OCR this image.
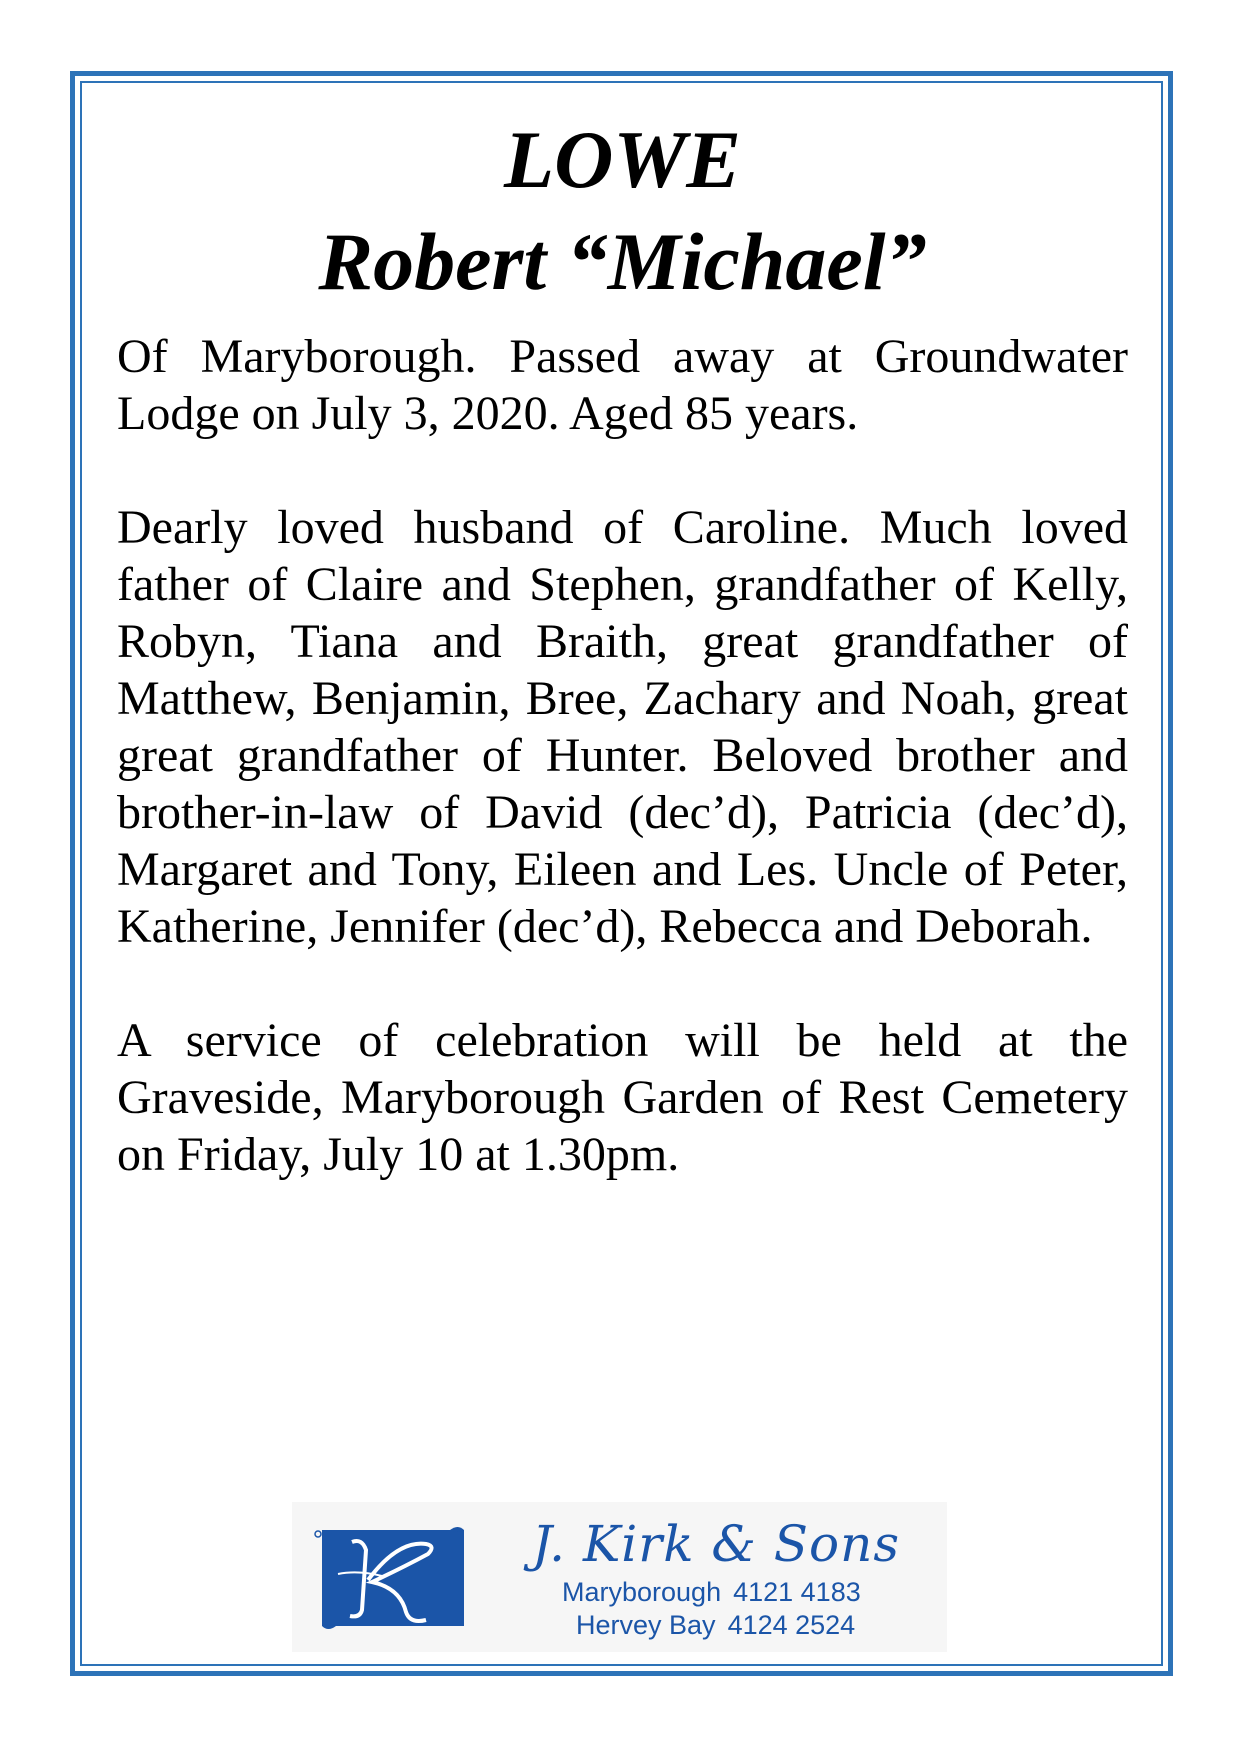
LOWE
Robert “Michael”

Of Maryborough. Passed away at Groundwater Lodge on July 3, 2020. Aged 85 years.

Dearly loved husband of Caroline. Much loved father of Claire and Stephen, grandfather of Kelly, Robyn, Tiana and Braith, great grandfather of Matthew, Benjamin, Bree, Zachary and Noah, great great grandfather of Hunter. Beloved brother and brother-in-law of David (dec’d), Patricia (dec’d), Margaret and Tony, Eileen and Les. Uncle of Peter, Katherine, Jennifer (dec’d), Rebecca and Deborah.

A service of celebration will be held at the Graveside, Maryborough Garden of Rest Cemetery on Friday, July 10 at 1.30pm.

K
J. Kirk & Sons
Maryborough 4121 4183
Hervey Bay 4124 2524
